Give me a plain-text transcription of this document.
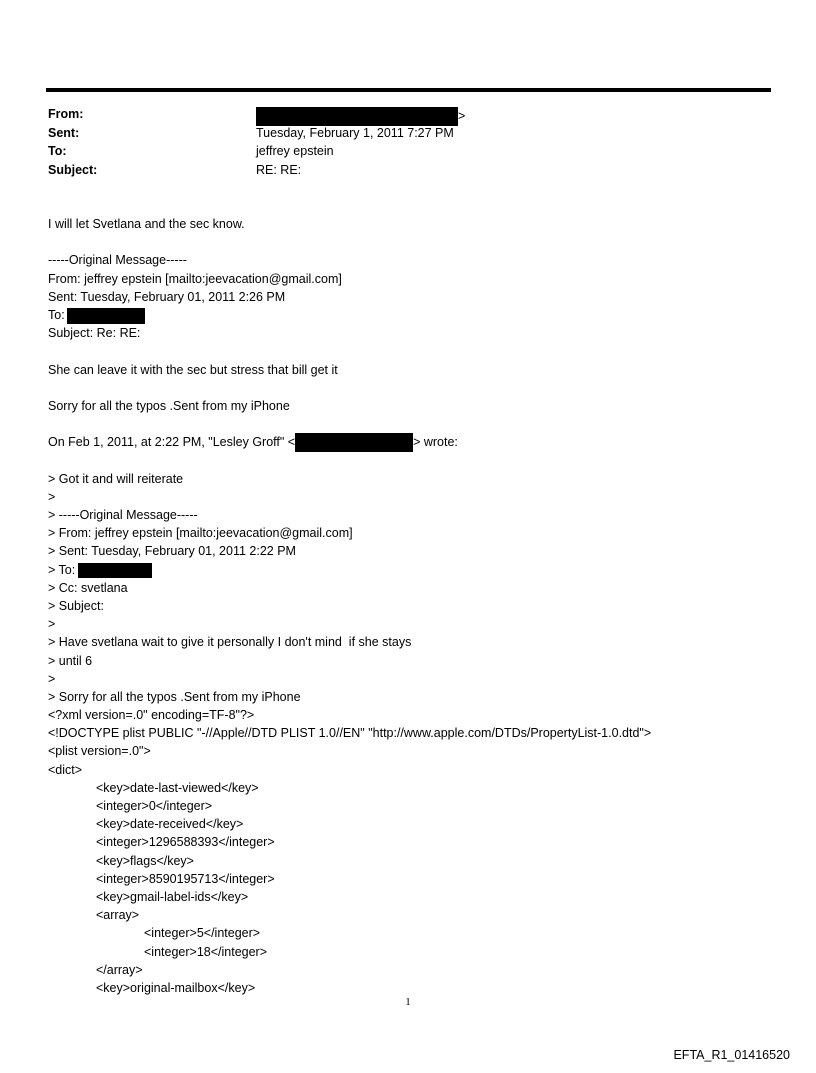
From:	>
Sent:	Tuesday, February 1, 2011 7:27 PM
To:	jeffrey epstein
Subject:	RE: RE:
I will let Svetlana and the sec know.
-----Original Message-----
From: jeffrey epstein [mailto:jeevacation@gmail.com]
Sent: Tuesday, February 01, 2011 2:26 PM
To:
Subject: Re: RE:
She can leave it with the sec but stress that bill get it
Sorry for all the typos .Sent from my iPhone
On Feb 1, 2011, at 2:22 PM, "Lesley Groff" <	> wrote:
> Got it and will reiterate
>
> -----Original Message-----
> From: jeffrey epstein [mailto:jeevacation@gmail.com]
> Sent: Tuesday, February 01, 2011 2:22 PM
> To:
> Cc: svetlana
> Subject:
>
> Have svetlana wait to give it personally I don't mind  if she stays
> until 6
>
> Sorry for all the typos .Sent from my iPhone
<?xml version=.0" encoding=TF-8"?>
<!DOCTYPE plist PUBLIC "-//Apple//DTD PLIST 1.0//EN" "http://www.apple.com/DTDs/PropertyList-1.0.dtd">
<plist version=.0">
<dict>
<key>date-last-viewed</key>
<integer>0</integer>
<key>date-received</key>
<integer>1296588393</integer>
<key>flags</key>
<integer>8590195713</integer>
<key>gmail-label-ids</key>
<array>
<integer>5</integer>
<integer>18</integer>
</array>
<key>original-mailbox</key>
1
EFTA_R1_01416520
